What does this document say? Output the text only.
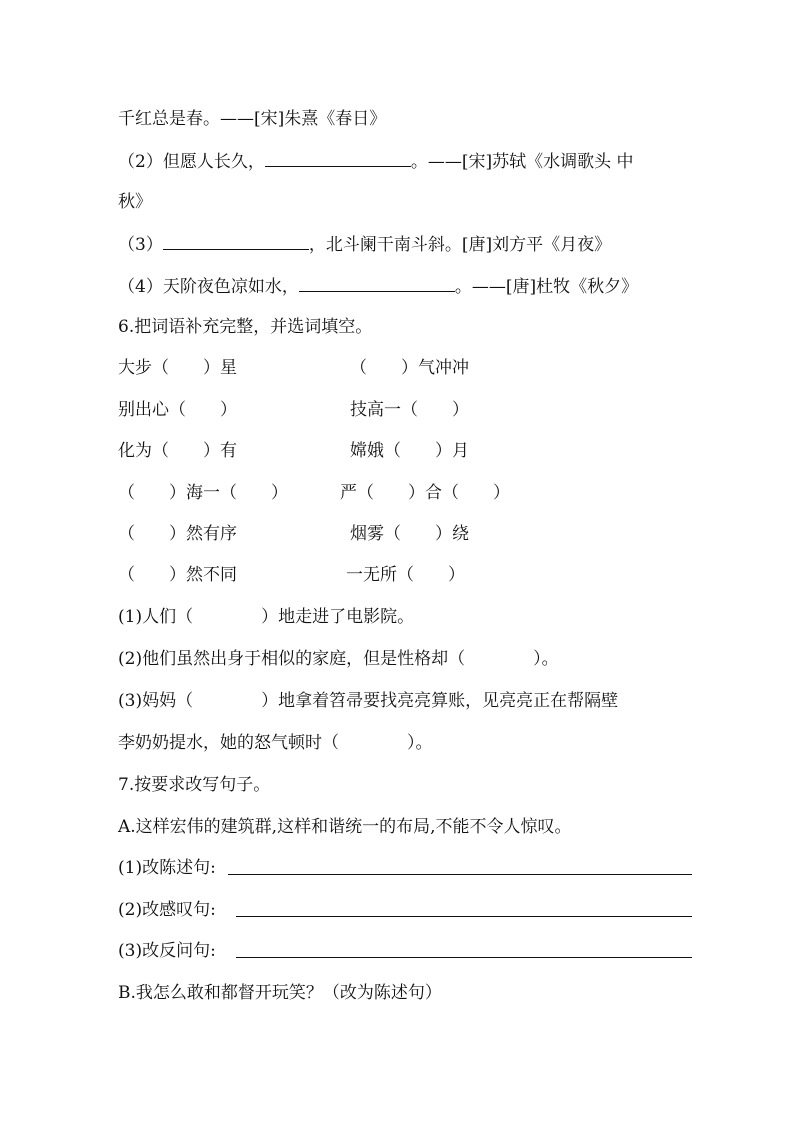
千红总是春。——[宋]朱熹《春日》
（2）但愿人长久，	。——[宋]苏轼《水调歌头 中
秋》
（3）	，北斗阑干南斗斜。[唐]刘方平《月夜》
（4）天阶夜色凉如水，	。——[唐]杜牧《秋夕》
6.把词语补充完整，并选词填空。
大步（　　）星	（　　）气冲冲
别出心（　　）	技高一（　　）
化为（　　）有	嫦娥（　　）月
（　　）海一（　　）	严（　　）合（　　）
（　　）然有序	烟雾（　　）绕
（　　）然不同	一无所（　　）
(1)人们（　　　　）地走进了电影院。
(2)他们虽然出身于相似的家庭，但是性格却（　　　　）。
(3)妈妈（　　　　）地拿着笤帚要找亮亮算账，见亮亮正在帮隔壁
李奶奶提水，她的怒气顿时（　　　　）。
7.按要求改写句子。
A.这样宏伟的建筑群,这样和谐统一的布局,不能不令人惊叹。
(1)改陈述句:
(2)改感叹句:
(3)改反问句:
B.我怎么敢和都督开玩笑？（改为陈述句）
